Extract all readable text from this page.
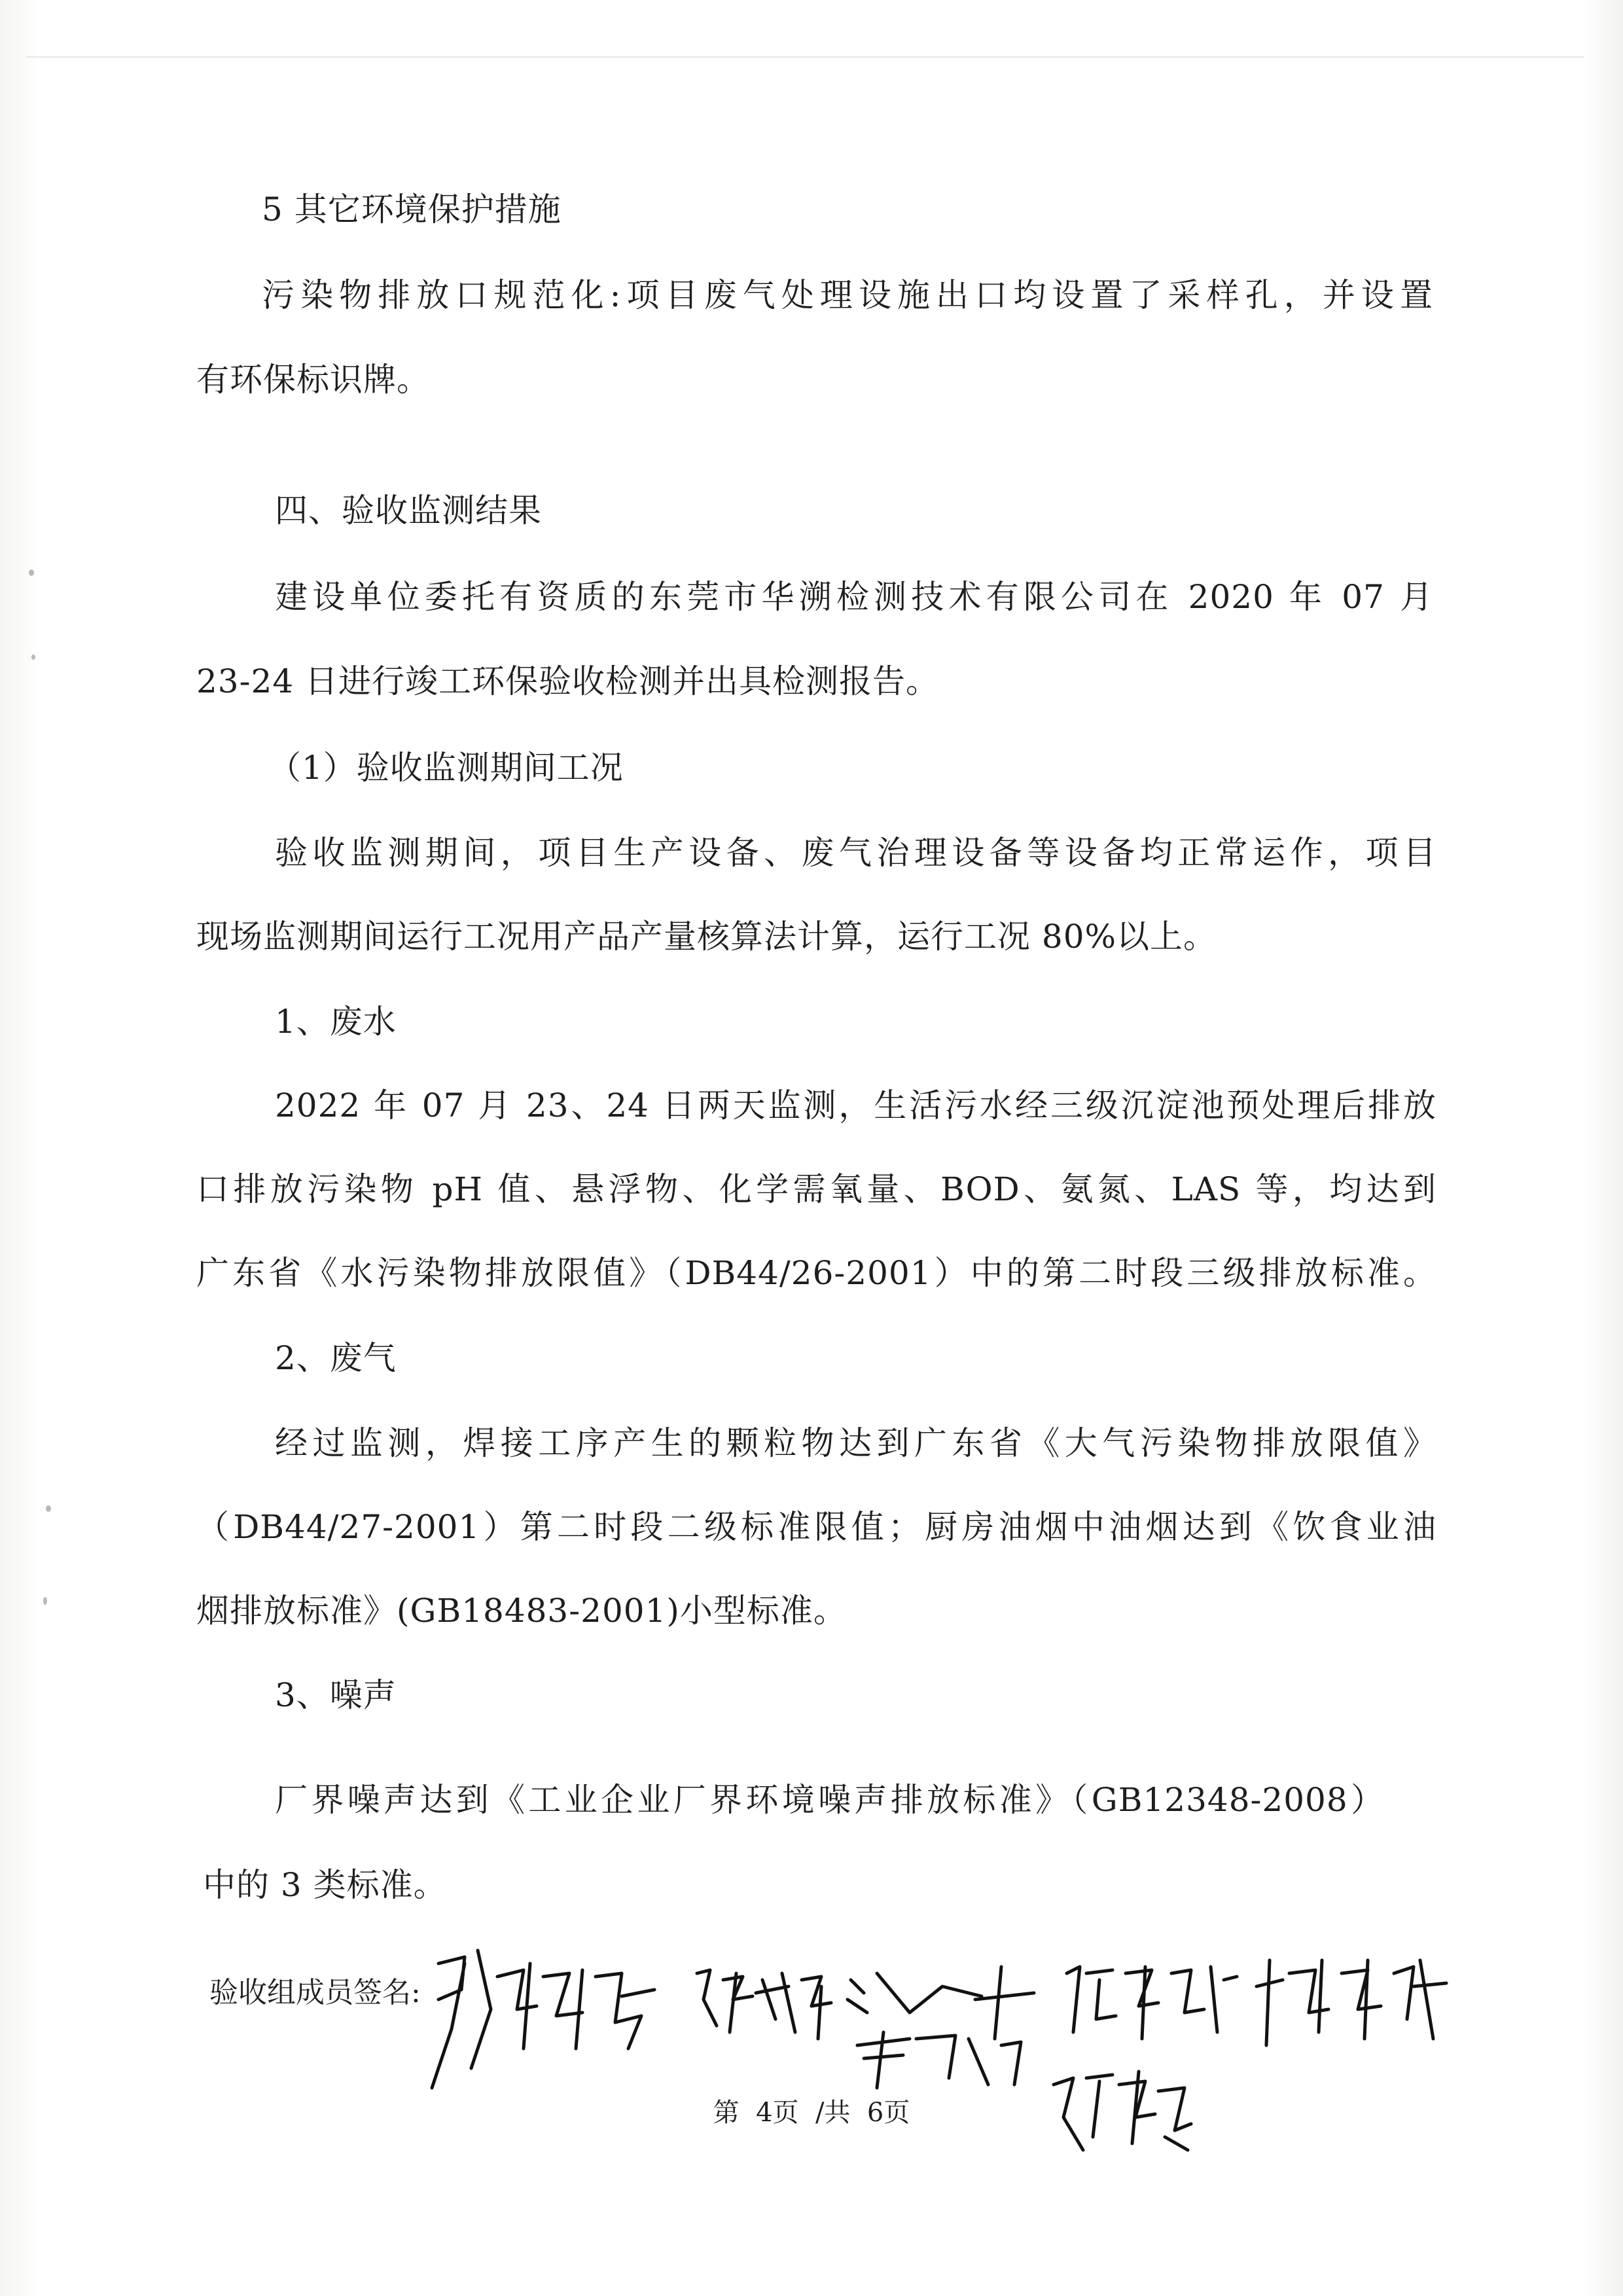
5 其它环境保护措施
污染物排放口规范化:项目废气处理设施出口均设置了采样孔，并设置
有环保标识牌。
四、验收监测结果
建设单位委托有资质的东莞市华溯检测技术有限公司在 2020 年 07 月
23-24 日进行竣工环保验收检测并出具检测报告。
（1）验收监测期间工况
验收监测期间，项目生产设备、废气治理设备等设备均正常运作，项目
现场监测期间运行工况用产品产量核算法计算，运行工况 80%以上。
1、废水
2022 年 07 月 23、24 日两天监测，生活污水经三级沉淀池预处理后排放
口排放污染物 pH 值、悬浮物、化学需氧量、BOD、氨氮、LAS 等，均达到
广东省《水污染物排放限值》（DB44/26-2001）中的第二时段三级排放标准。
2、废气
经过监测，焊接工序产生的颗粒物达到广东省《大气污染物排放限值》
（DB44/27-2001）第二时段二级标准限值；厨房油烟中油烟达到《饮食业油
烟排放标准》(GB18483-2001)小型标准。
3、噪声
厂界噪声达到《工业企业厂界环境噪声排放标准》（GB12348-2008）
中的 3 类标准。
验收组成员签名:
第  4页  /共  6页
